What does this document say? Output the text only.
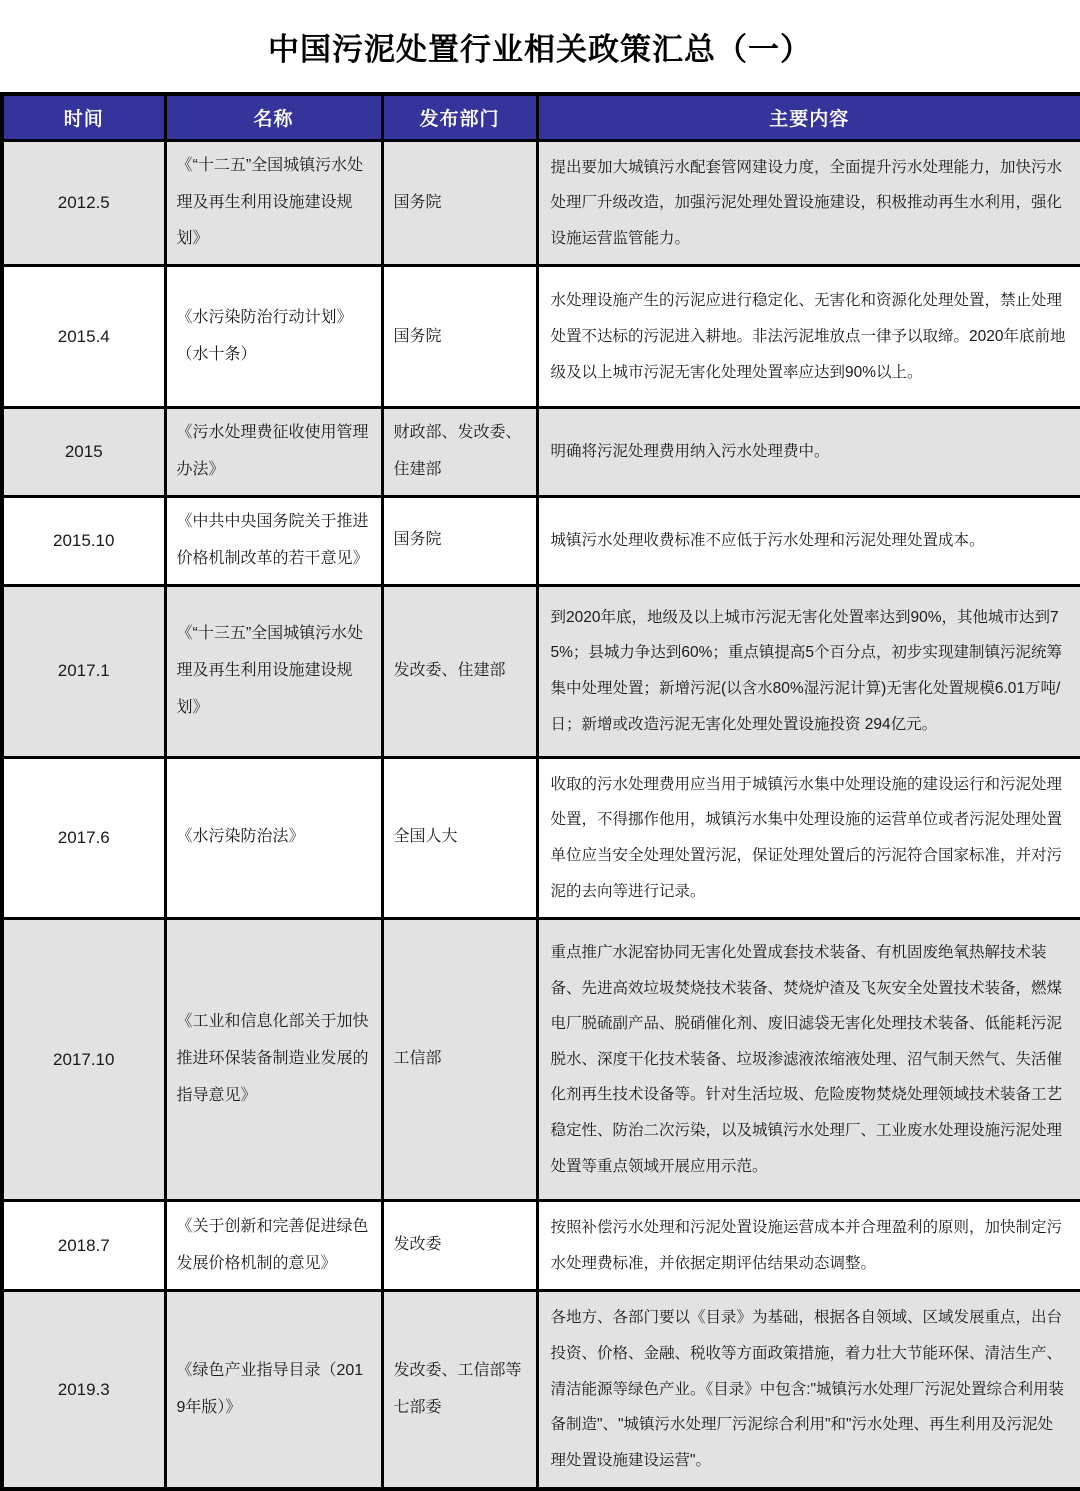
中国污泥处置行业相关政策汇总（一）
时间	名称	发布部门	主要内容
2012.5	《“十二五”全国城镇污水处理及再生利用设施建设规划》	国务院	提出要加大城镇污水配套管网建设力度，全面提升污水处理能力，加快污水处理厂升级改造，加强污泥处理处置设施建设，积极推动再生水利用，强化设施运营监管能力。
2015.4	《水污染防治行动计划》（水十条）	国务院	水处理设施产生的污泥应进行稳定化、无害化和资源化处理处置，禁止处理处置不达标的污泥进入耕地。非法污泥堆放点一律予以取缔。2020年底前地级及以上城市污泥无害化处理处置率应达到90%以上。
2015	《污水处理费征收使用管理办法》	财政部、发改委、住建部	明确将污泥处理费用纳入污水处理费中。
2015.10	《中共中央国务院关于推进价格机制改革的若干意见》	国务院	城镇污水处理收费标准不应低于污水处理和污泥处理处置成本。
2017.1	《“十三五”全国城镇污水处理及再生利用设施建设规划》	发改委、住建部	到2020年底，地级及以上城市污泥无害化处置率达到90%，其他城市达到75%；县城力争达到60%；重点镇提高5个百分点，初步实现建制镇污泥统筹集中处理处置；新增污泥(以含水80%湿污泥计算)无害化处置规模6.01万吨/日；新增或改造污泥无害化处理处置设施投资 294亿元。
2017.6	《水污染防治法》	全国人大	收取的污水处理费用应当用于城镇污水集中处理设施的建设运行和污泥处理处置，不得挪作他用，城镇污水集中处理设施的运营单位或者污泥处理处置单位应当安全处理处置污泥，保证处理处置后的污泥符合国家标准，并对污泥的去向等进行记录。
2017.10	《工业和信息化部关于加快推进环保装备制造业发展的指导意见》	工信部	重点推广水泥窑协同无害化处置成套技术装备、有机固废绝氧热解技术装备、先进高效垃圾焚烧技术装备、焚烧炉渣及飞灰安全处置技术装备，燃煤电厂脱硫副产品、脱硝催化剂、废旧滤袋无害化处理技术装备、低能耗污泥脱水、深度干化技术装备、垃圾渗滤液浓缩液处理、沼气制天然气、失活催化剂再生技术设备等。针对生活垃圾、危险废物焚烧处理领域技术装备工艺稳定性、防治二次污染，以及城镇污水处理厂、工业废水处理设施污泥处理处置等重点领域开展应用示范。
2018.7	《关于创新和完善促进绿色发展价格机制的意见》	发改委	按照补偿污水处理和污泥处置设施运营成本并合理盈利的原则，加快制定污水处理费标准，并依据定期评估结果动态调整。
2019.3	《绿色产业指导目录（2019年版）》	发改委、工信部等七部委	各地方、各部门要以《目录》为基础，根据各自领域、区域发展重点，出台投资、价格、金融、税收等方面政策措施，着力壮大节能环保、清洁生产、清洁能源等绿色产业。《目录》中包含:"城镇污水处理厂污泥处置综合利用装备制造"、"城镇污水处理厂污泥综合利用"和"污水处理、再生利用及污泥处理处置设施建设运营"。
